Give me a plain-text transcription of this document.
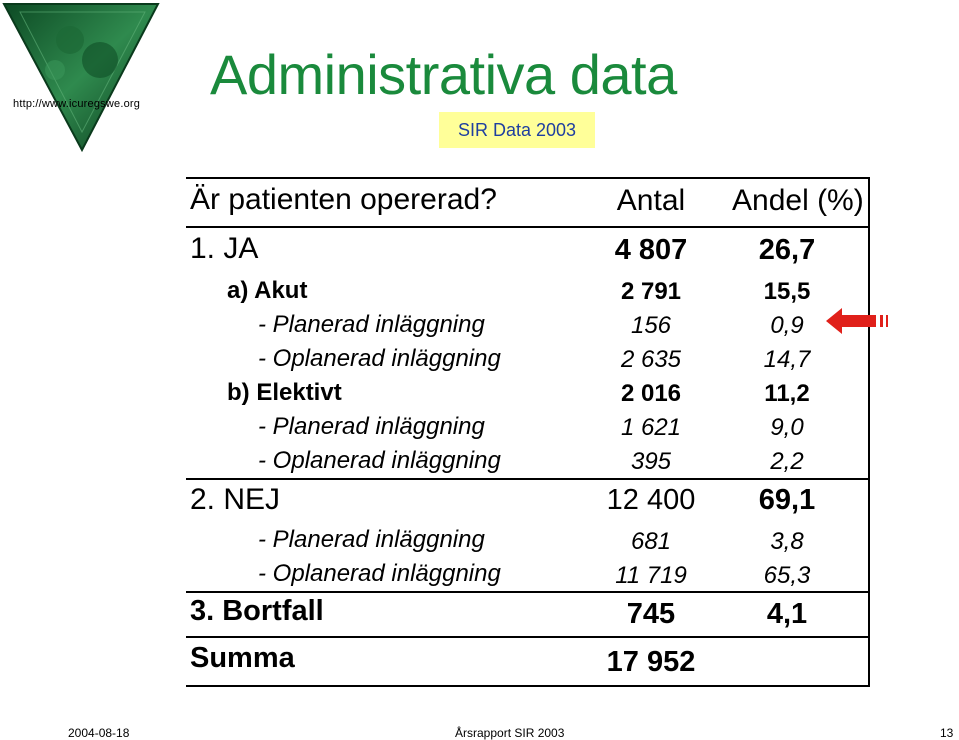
http://www.icuregswe.org Administrativa data
SIR Data 2003
Är patienten opererad?	Antal	Andel (%)
1. JA	4 807	26,7
a) Akut	2 791	15,5
- Planerad inläggning	156	0,9
- Oplanerad inläggning	2 635	14,7
b) Elektivt	2 016	11,2
- Planerad inläggning	1 621	9,0
- Oplanerad inläggning	395	2,2
2. NEJ	12 400	69,1
- Planerad inläggning	681	3,8
- Oplanerad inläggning	11 719	65,3
3. Bortfall	745	4,1
Summa	17 952
2004-08-18	Årsrapport SIR 2003	13
